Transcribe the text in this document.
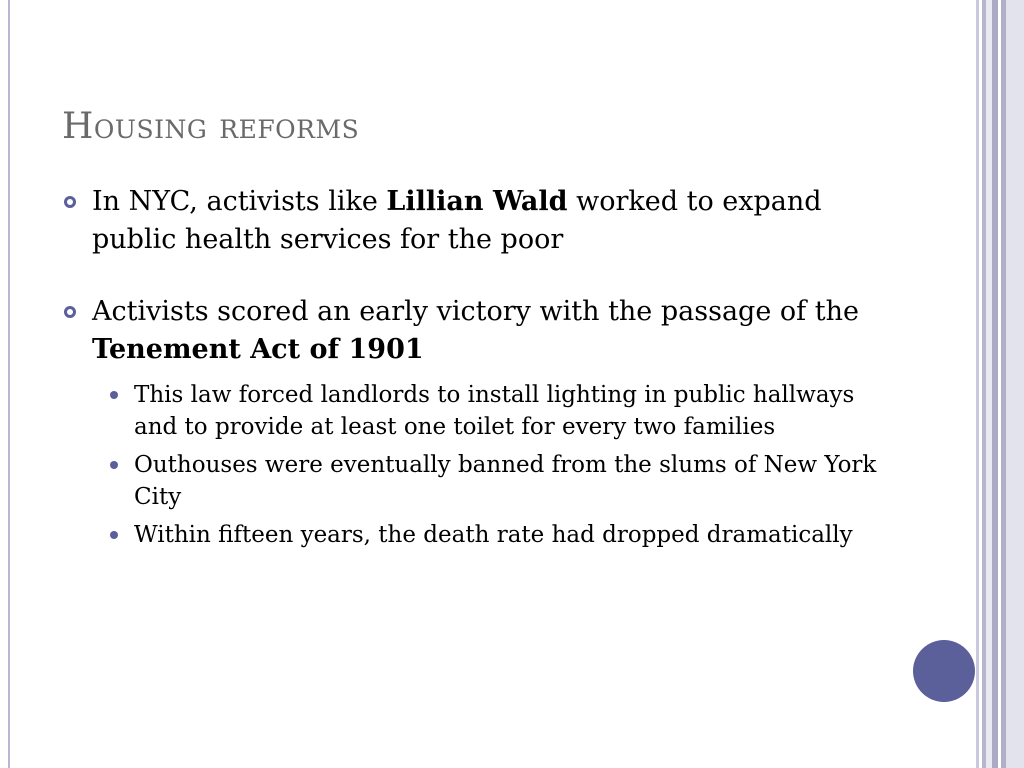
Housing reforms
In NYC, activists like Lillian Wald worked to expand public health services for the poor
Activists scored an early victory with the passage of the Tenement Act of 1901
This law forced landlords to install lighting in public hallways and to provide at least one toilet for every two families
Outhouses were eventually banned from the slums of New York City
Within fifteen years, the death rate had dropped dramatically
